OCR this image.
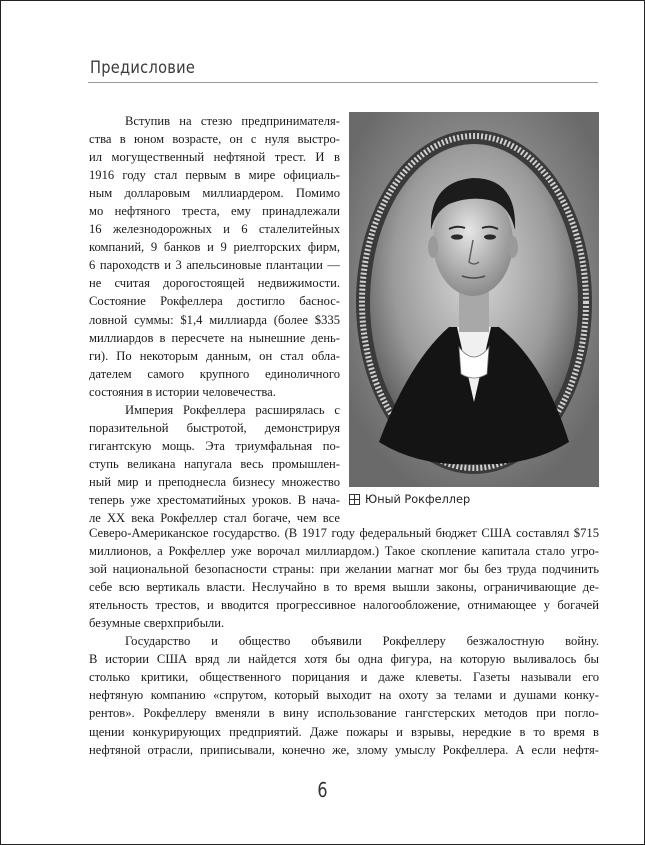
Предисловие
Вступив на стезю предпринимателя-
ства в юном возрасте, он с нуля выстро-
ил могущественный нефтяной трест. И в
1916 году стал первым в мире официаль-
ным долларовым миллиардером. Помимо
мо нефтяного треста, ему принадлежали
16 железнодорожных и 6 сталелитейных
компаний, 9 банков и 9 риелторских фирм,
6 пароходств и 3 апельсиновые плантации —
не считая дорогостоящей недвижимости.
Состояние Рокфеллера достигло баснос-
ловной суммы: $1,4 миллиарда (более $335
миллиардов в пересчете на нынешние день-
ги). По некоторым данным, он стал обла-
дателем самого крупного единоличного
состояния в истории человечества.
Империя Рокфеллера расширялась с
поразительной быстротой, демонстрируя
гигантскую мощь. Эта триумфальная по-
ступь великана напугала весь промышлен-
ный мир и преподнесла бизнесу множество
теперь уже хрестоматийных уроков. В нача-
ле XX века Рокфеллер стал богаче, чем все
Юный Рокфеллер
Северо-Американское государство. (В 1917 году федеральный бюджет США составлял $715
миллионов, а Рокфеллер уже ворочал миллиардом.) Такое скопление капитала стало угро-
зой национальной безопасности страны: при желании магнат мог бы без труда подчинить
себе всю вертикаль власти. Неслучайно в то время вышли законы, ограничивающие де-
ятельность трестов, и вводится прогрессивное налогообложение, отнимающее у богачей
безумные сверхприбыли.
Государство и общество объявили Рокфеллеру безжалостную войну.
В истории США вряд ли найдется хотя бы одна фигура, на которую выливалось бы
столько критики, общественного порицания и даже клеветы. Газеты называли его
нефтяную компанию «спрутом, который выходит на охоту за телами и душами конку-
рентов». Рокфеллеру вменяли в вину использование гангстерских методов при погло-
щении конкурирующих предприятий. Даже пожары и взрывы, нередкие в то время в
нефтяной отрасли, приписывали, конечно же, злому умыслу Рокфеллера. А если нефтя-
6
